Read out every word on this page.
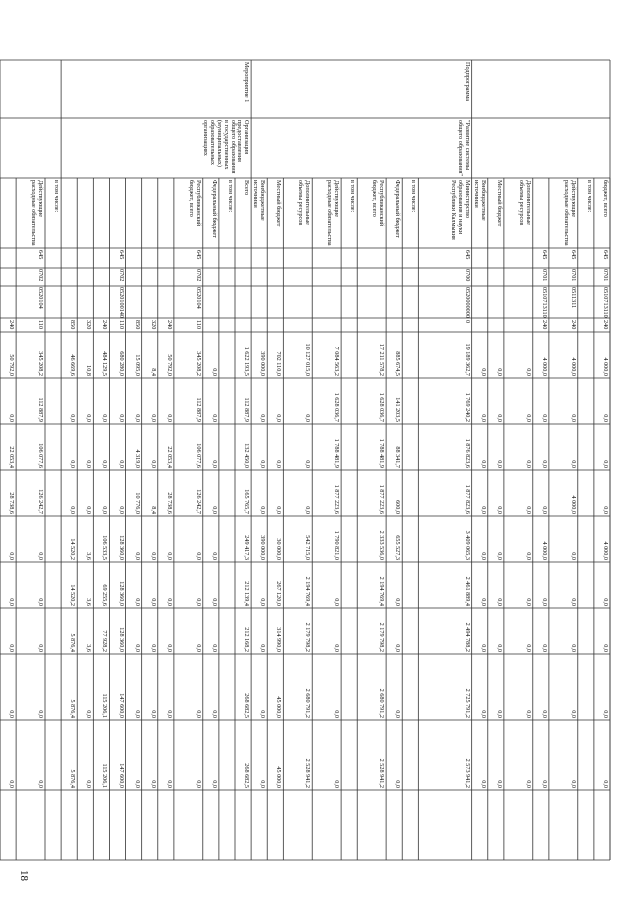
бюджет, всего
645
0701
0510713110
240
4 000,0
0,0
0,0
0,0
4 000,0
0,0
0,0
0,0
0,0
в том числе:
Действующие расходные обязательства
645
0701
0511311
240
4 000,0
0,0
0,0
4 000,0
0,0
0,0
0,0
0,0
0,0
645
0701
0510713110
240
4 000,0
0,0
0,0
0,0
4 000,0
0,0
0,0
0,0
0,0
Дополнительные объемы ресурсов
0,0
0,0
0,0
0,0
0,0
0,0
0,0
0,0
0,0
Местный бюджет
0,0
0,0
0,0
0,0
0,0
0,0
0,0
0,0
0,0
Внебюджетные источники
0,0
0,0
0,0
0,0
0,0
0,0
0,0
0,0
0,0
Министерство образования и науки Республики Калмыкия
645
0700
0520000000
0
19 189 362,7
1 769 240,2
1 876 823,6
1 877 823,6
3 409 065,3
2 461 889,4
2 494 788,2
2 725 791,2
2 573 941,2
в том числе:
Федеральный бюджет
885 674,5
141 203,5
88 341,7
600,0
655 527,3
0,0
0,0
0,0
0,0
Республиканский бюджет, всего
17 211 578,2
1 628 036,7
1 788 481,9
1 877 223,6
2 333 536,0
2 194 769,4
2 179 798,2
2 680 791,2
2 528 941,2
в том числе:
Действующие расходные обязательства
7 084 563,2
1 628 036,7
1 788 481,9
1 877 223,6
1 790 821,0
0,0
0,0
0,0
0,0
Дополнительные объемы ресурсов
10 127 015,0
0,0
0,0
0,0
542 715,0
2 194 769,4
2 179 798,2
2 680 791,2
2 528 941,2
Местный бюджет
702 110,0
0,0
0,0
0,0
30 000,0
267 120,0
314 990,0
45 000,0
45 000,0
Внебюджетные источники
390 000,0
0,0
0,0
0,0
390 000,0
0,0
0,0
0,0
0,0
Всего
1 622 193,5
112 887,9
132 450,0
165 765,7
249 417,3
212 139,4
212 168,2
268 682,5
268 682,5
в том числе:
Федеральный бюджет
0,0
0,0
0,0
0,0
0,0
0,0
0,0
0,0
0,0
Республиканский бюджет, всего
645
0702
0520104
110
345 208,2
112 887,9
106 077,6
126 242,7
0,0
0,0
0,0
0,0
0,0
240
50 792,0
0,0
22 053,4
28 738,6
0,0
0,0
0,0
0,0
0,0
320
8,4
0,0
0,0
8,4
0,0
0,0
0,0
0,0
0,0
850
15 095,0
0,0
4 319,0
10 776,0
0,0
0,0
0,0
0,0
0,0
645
0702
0520100140
110
680 280,0
0,0
0,0
0,0
128 360,0
128 360,0
128 360,0
147 600,0
147 600,0
240
484 129,5
0,0
0,0
0,0
106 533,5
69 255,6
77 928,2
115 206,1
115 206,1
320
10,8
0,0
0,0
0,0
3,6
3,6
3,6
0,0
0,0
850
46 669,6
0,0
0,0
0,0
14 520,2
14 520,2
5 876,4
5 876,4
5 876,4
в том числе:
Действующие расходные обязательства
645
0702
0520104
110
345 208,2
112 887,9
106 077,6
126 242,7
0,0
0,0
0,0
0,0
0,0
240
50 792,0
0,0
22 053,4
28 738,6
0,0
0,0
0,0
0,0
0,0
Подпрограмма
"Развитие системы общего образования"
Мероприятие 1
Организация предоставления общего образования в государственных (муниципальных) образовательных организациях
18
